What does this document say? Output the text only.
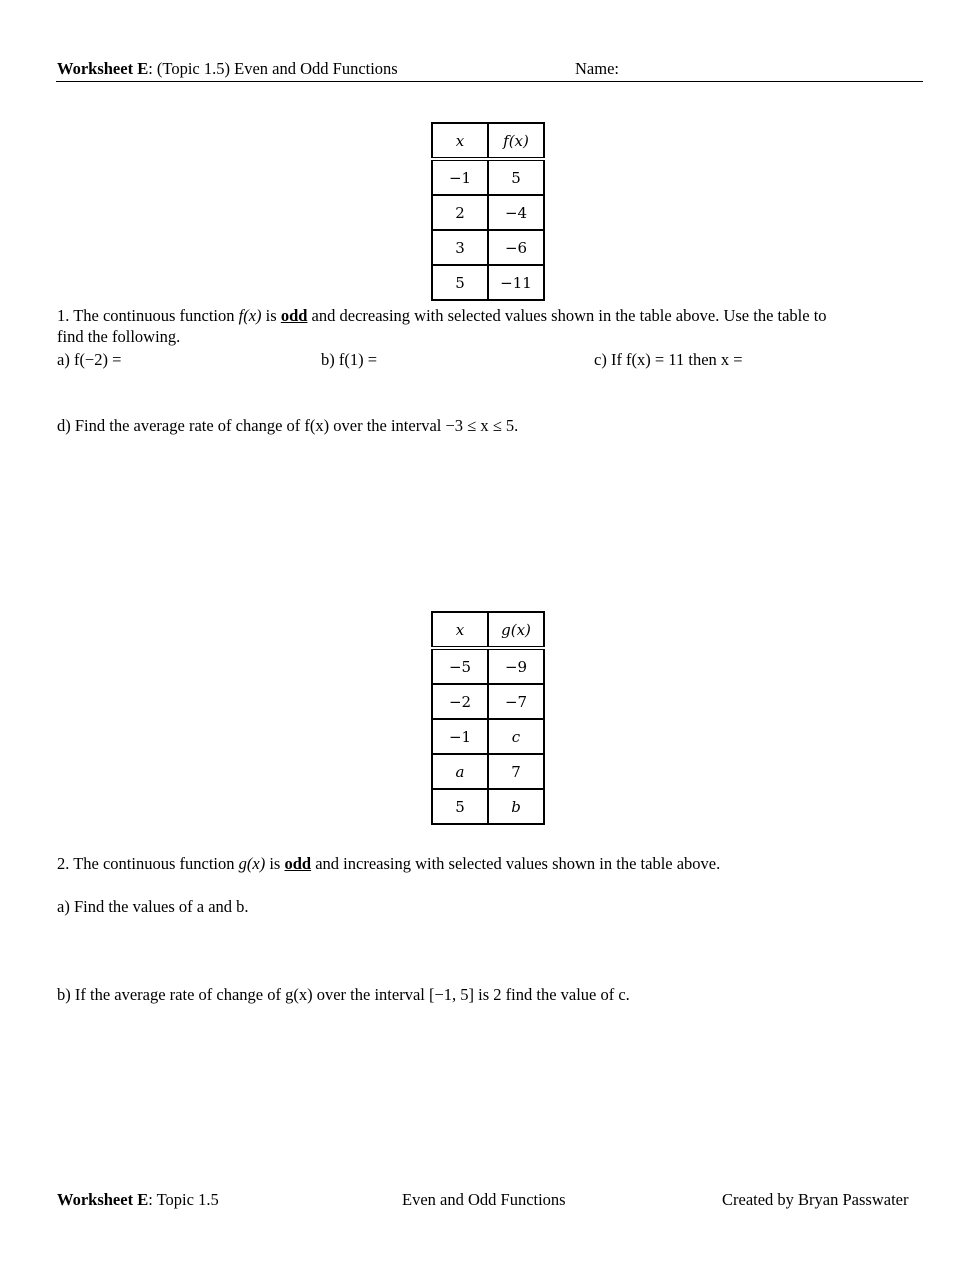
Worksheet E: (Topic 1.5) Even and Odd Functions	Name:
x	f(x)
−1	5
2	−4
3	−6
5	−11
1. The continuous function f(x) is odd and decreasing with selected values shown in the table above. Use the table to
find the following.
a) f(−2) =	b) f(1) =	c) If f(x) = 11 then x =
d) Find the average rate of change of f(x) over the interval −3 ≤ x ≤ 5.
x	g(x)
−5	−9
−2	−7
−1	c
a	7
5	b
2. The continuous function g(x) is odd and increasing with selected values shown in the table above.
a) Find the values of a and b.
b) If the average rate of change of g(x) over the interval [−1, 5] is 2 find the value of c.
Worksheet E: Topic 1.5	Even and Odd Functions	Created by Bryan Passwater
